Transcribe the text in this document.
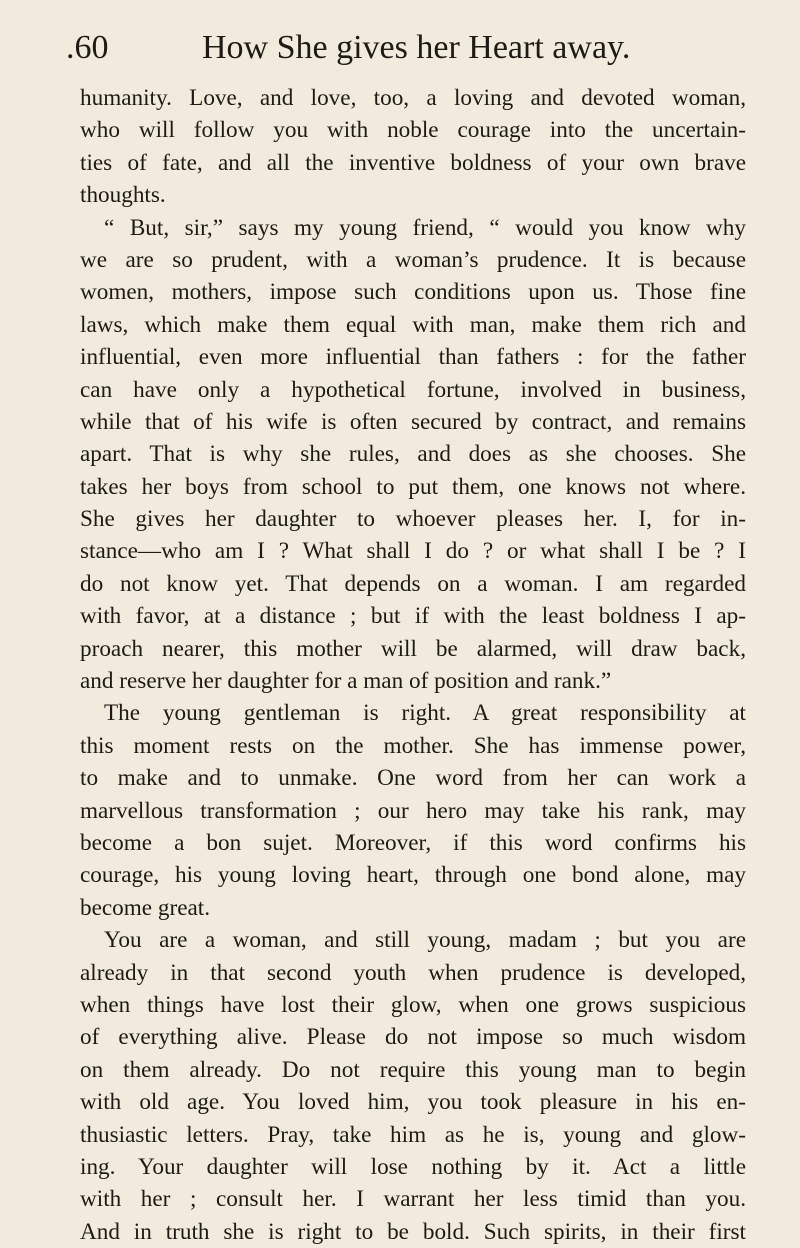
.60	How She gives her Heart away.
humanity. Love, and love, too, a loving and devoted woman,
who will follow you with noble courage into the uncertain-
ties of fate, and all the inventive boldness of your own brave
thoughts.
“ But, sir,” says my young friend, “ would you know why
we are so prudent, with a woman’s prudence. It is because
women, mothers, impose such conditions upon us. Those fine
laws, which make them equal with man, make them rich and
influential, even more influential than fathers : for the father
can have only a hypothetical fortune, involved in business,
while that of his wife is often secured by contract, and remains
apart. That is why she rules, and does as she chooses. She
takes her boys from school to put them, one knows not where.
She gives her daughter to whoever pleases her. I, for in-
stance—who am I ? What shall I do ? or what shall I be ? I
do not know yet. That depends on a woman. I am regarded
with favor, at a distance ; but if with the least boldness I ap-
proach nearer, this mother will be alarmed, will draw back,
and reserve her daughter for a man of position and rank.”
The young gentleman is right. A great responsibility at
this moment rests on the mother. She has immense power,
to make and to unmake. One word from her can work a
marvellous transformation ; our hero may take his rank, may
become a bon sujet. Moreover, if this word confirms his
courage, his young loving heart, through one bond alone, may
become great.
You are a woman, and still young, madam ; but you are
already in that second youth when prudence is developed,
when things have lost their glow, when one grows suspicious
of everything alive. Please do not impose so much wisdom
on them already. Do not require this young man to begin
with old age. You loved him, you took pleasure in his en-
thusiastic letters. Pray, take him as he is, young and glow-
ing. Your daughter will lose nothing by it. Act a little
with her ; consult her. I warrant her less timid than you.
And in truth she is right to be bold. Such spirits, in their first
